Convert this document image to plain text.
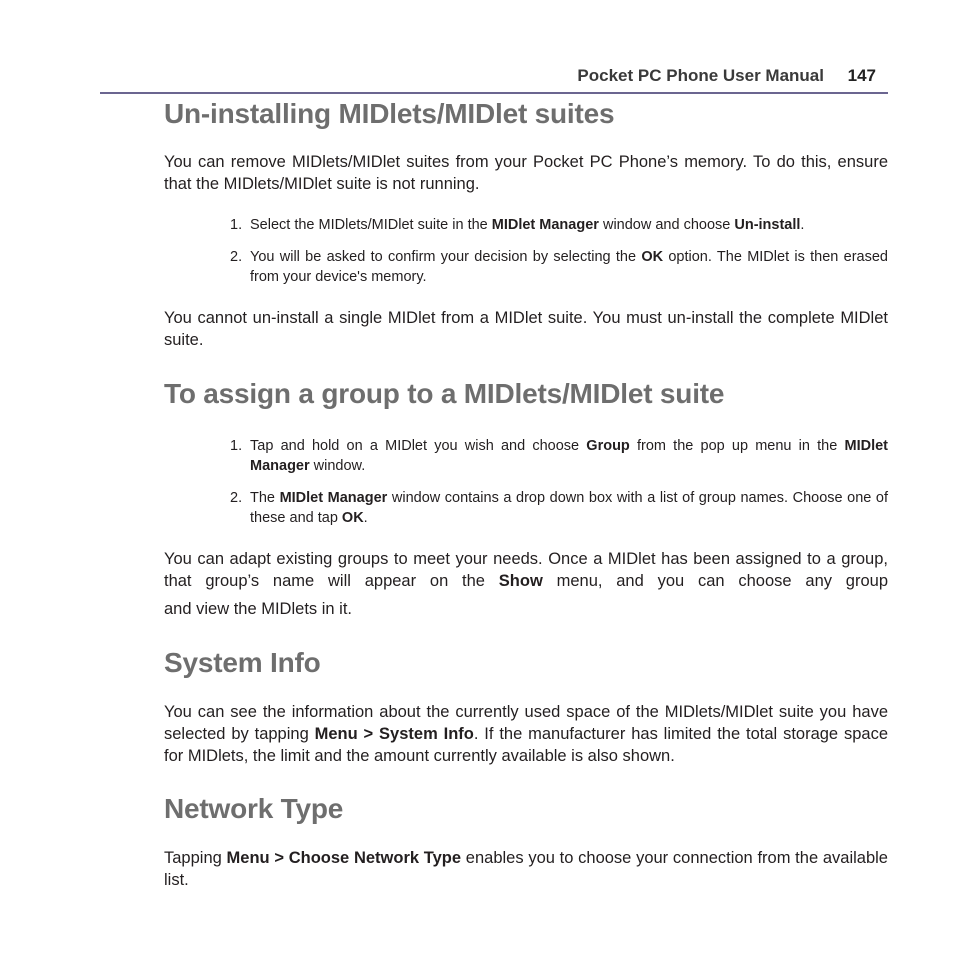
Pocket PC Phone User Manual 147
Un-installing MIDlets/MIDlet suites

You can remove MIDlets/MIDlet suites from your Pocket PC Phone’s memory. To do this, ensure that the MIDlets/MIDlet suite is not running.

1. Select the MIDlets/MIDlet suite in the MIDlet Manager window and choose Un-install.
2. You will be asked to confirm your decision by selecting the OK option. The MIDlet is then erased from your device's memory.

You cannot un-install a single MIDlet from a MIDlet suite. You must un-install the complete MIDlet suite.

To assign a group to a MIDlets/MIDlet suite
1. Tap and hold on a MIDlet you wish and choose Group from the pop up menu in the MIDlet Manager window.
2. The MIDlet Manager window contains a drop down box with a list of group names. Choose one of these and tap OK.

You can adapt existing groups to meet your needs. Once a MIDlet has been assigned to a group, that group’s name will appear on the Show menu, and you can choose any group

and view the MIDlets in it.

System Info

You can see the information about the currently used space of the MIDlets/MIDlet suite you have selected by tapping Menu > System Info. If the manufacturer has limited the total storage space for MIDlets, the limit and the amount currently available is also shown.

Network Type

Tapping Menu > Choose Network Type enables you to choose your connection from the available list.
